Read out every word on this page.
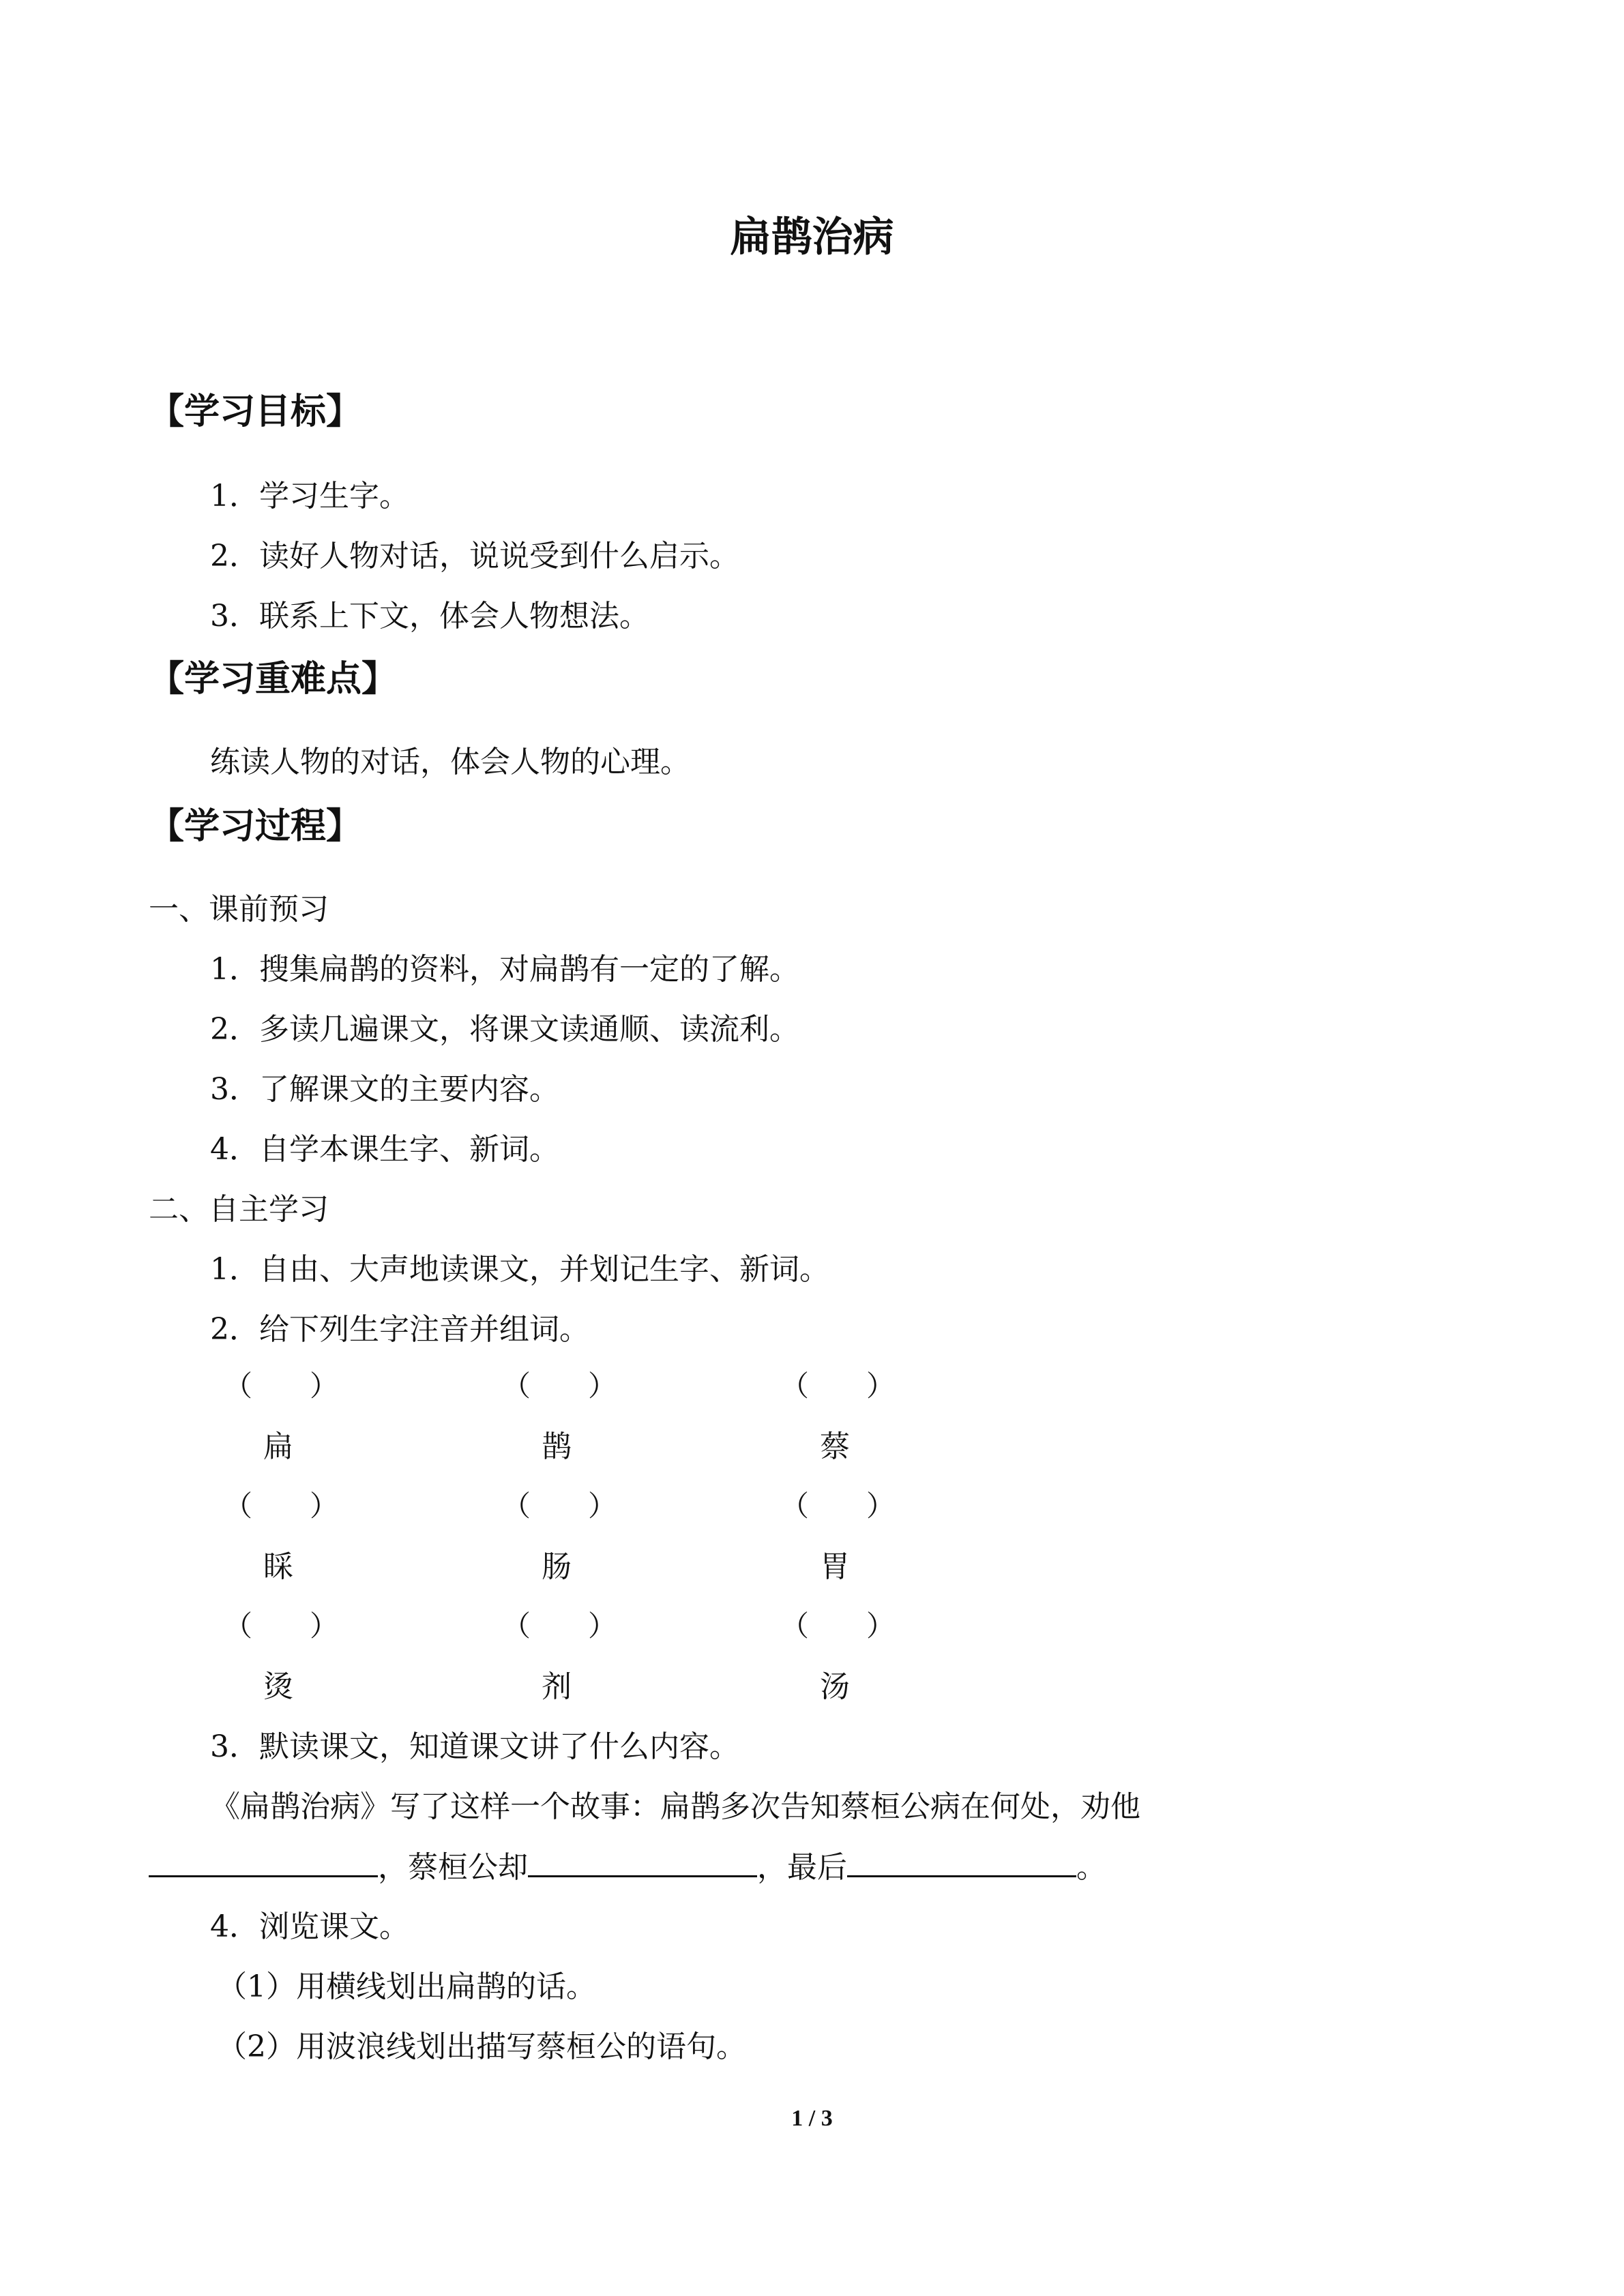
扁鹊治病
【学习目标】
1．学习生字。
2．读好人物对话，说说受到什么启示。
3．联系上下文，体会人物想法。
【学习重难点】
练读人物的对话，体会人物的心理。
【学习过程】
一、课前预习
1．搜集扁鹊的资料，对扁鹊有一定的了解。
2．多读几遍课文，将课文读通顺、读流利。
3．了解课文的主要内容。
4．自学本课生字、新词。
二、自主学习
1．自由、大声地读课文，并划记生字、新词。
2．给下列生字注音并组词。
（　　）	（　　）	（　　）
扁	鹊	蔡
（　　）	（　　）	（　　）
睬	肠	胃
（　　）	（　　）	（　　）
烫	剂	汤
3．默读课文，知道课文讲了什么内容。
《扁鹊治病》写了这样一个故事：扁鹊多次告知蔡桓公病在何处，劝他
，蔡桓公却	，最后	。
4．浏览课文。
（1）用横线划出扁鹊的话。
（2）用波浪线划出描写蔡桓公的语句。
1 / 3
